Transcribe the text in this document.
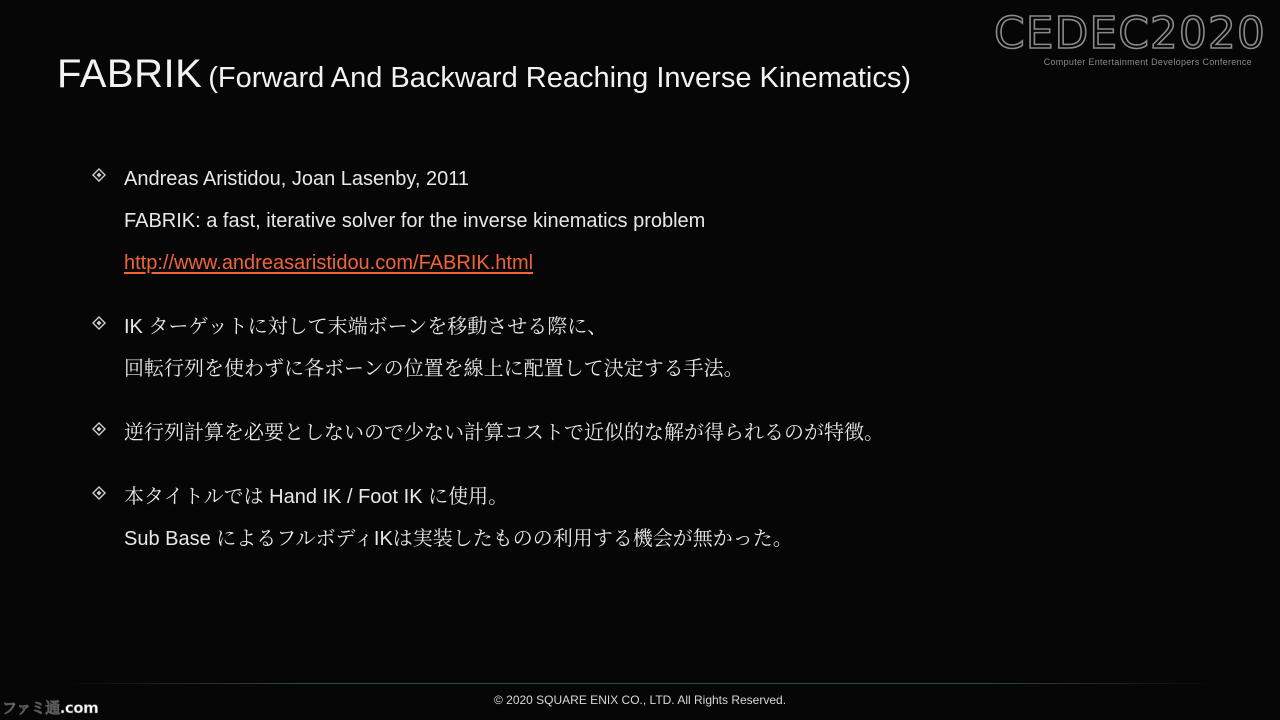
CEDEC2020
Computer Entertainment Developers Conference
FABRIK (Forward And Backward Reaching Inverse Kinematics)
Andreas Aristidou, Joan Lasenby, 2011
FABRIK: a fast, iterative solver for the inverse kinematics problem
http://www.andreasaristidou.com/FABRIK.html
IK ターゲットに対して末端ボーンを移動させる際に、
回転行列を使わずに各ボーンの位置を線上に配置して決定する手法。
逆行列計算を必要としないので少ない計算コストで近似的な解が得られるのが特徴。
本タイトルでは Hand IK / Foot IK に使用。
Sub Base によるフルボディIKは実装したものの利用する機会が無かった。
© 2020 SQUARE ENIX CO., LTD. All Rights Reserved.
ファミ通.com
